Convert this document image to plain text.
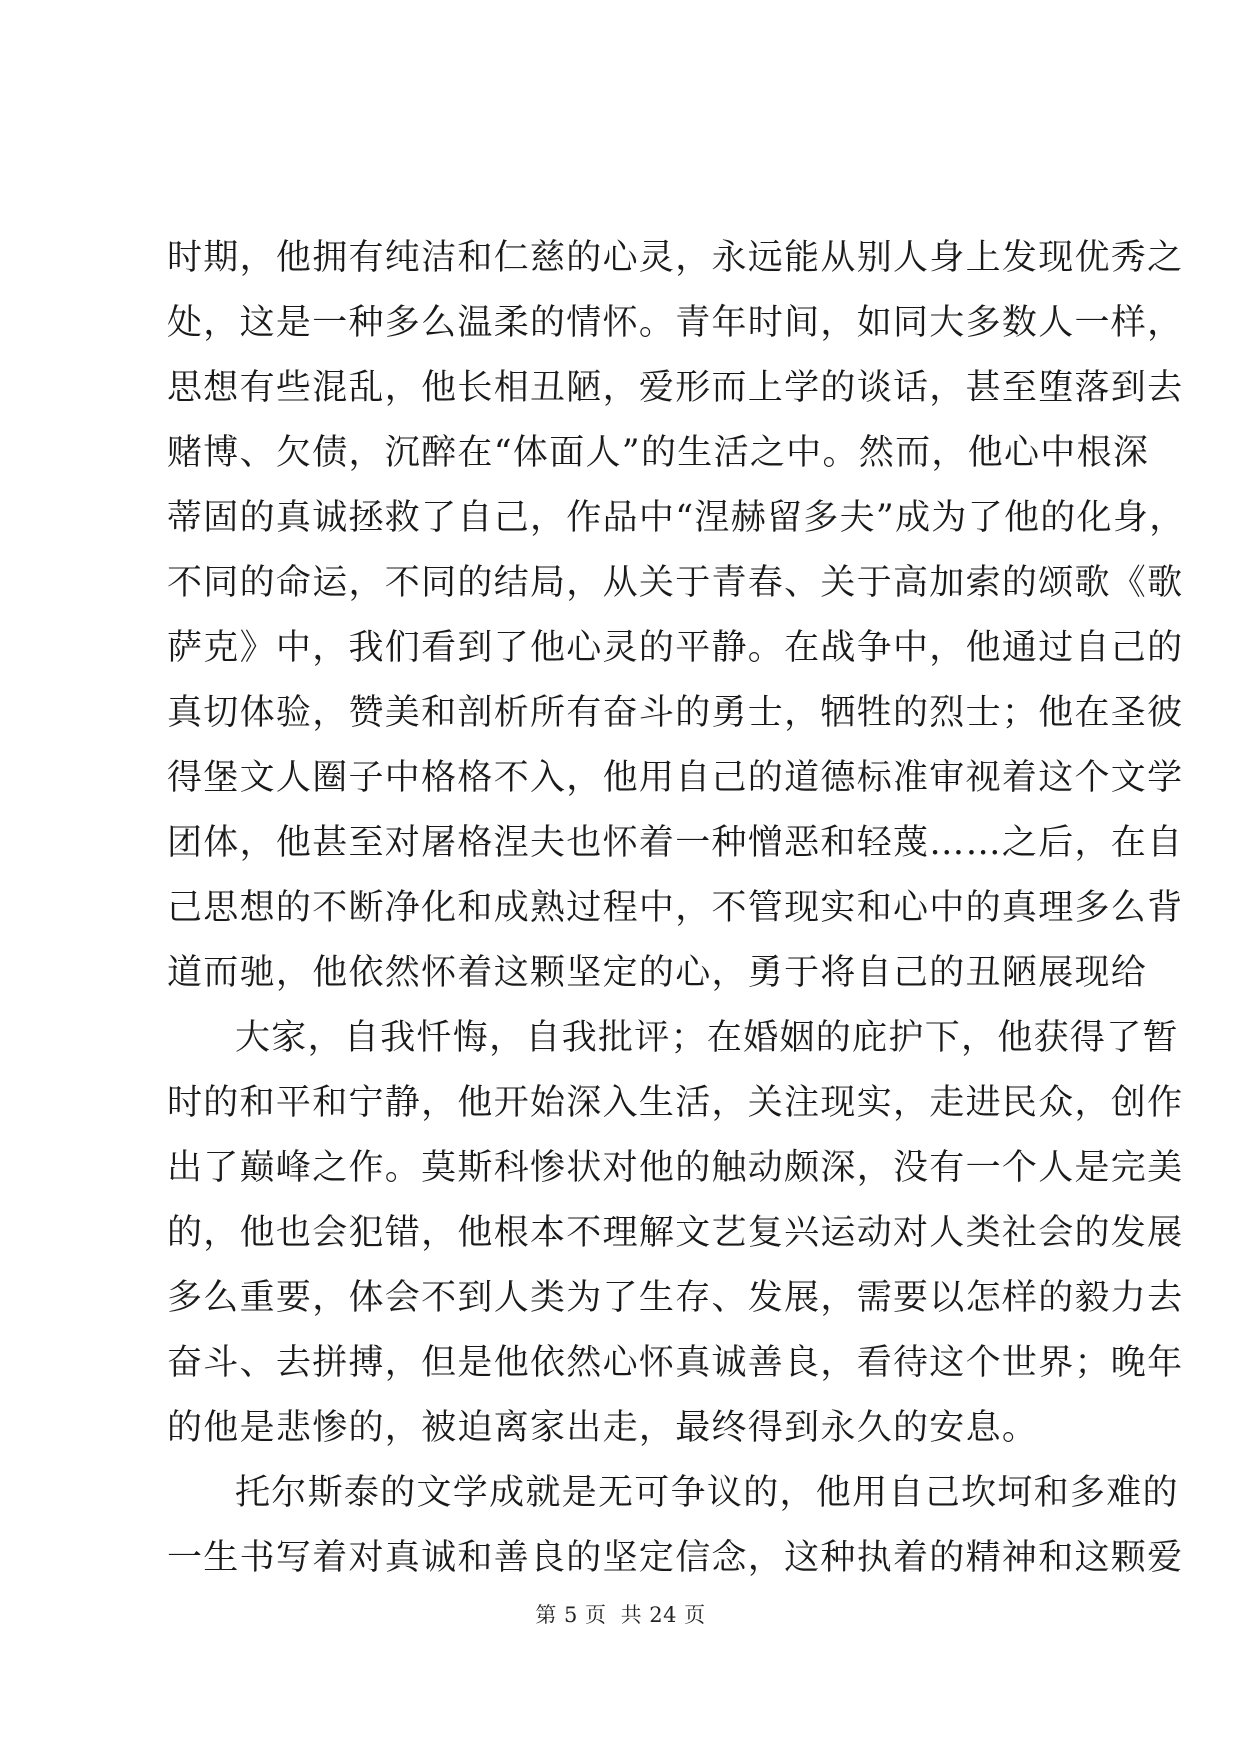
时期，他拥有纯洁和仁慈的心灵，永远能从别人身上发现优秀之
处，这是一种多么温柔的情怀。青年时间，如同大多数人一样，
思想有些混乱，他长相丑陋，爱形而上学的谈话，甚至堕落到去
赌博、欠债，沉醉在“体面人”的生活之中。然而，他心中根深
蒂固的真诚拯救了自己，作品中“涅赫留多夫”成为了他的化身，
不同的命运，不同的结局，从关于青春、关于高加索的颂歌《歌
萨克》中，我们看到了他心灵的平静。在战争中，他通过自己的
真切体验，赞美和剖析所有奋斗的勇士，牺牲的烈士；他在圣彼
得堡文人圈子中格格不入，他用自己的道德标准审视着这个文学
团体，他甚至对屠格涅夫也怀着一种憎恶和轻蔑……之后，在自
己思想的不断净化和成熟过程中，不管现实和心中的真理多么背
道而驰，他依然怀着这颗坚定的心，勇于将自己的丑陋展现给
大家，自我忏悔，自我批评；在婚姻的庇护下，他获得了暂
时的和平和宁静，他开始深入生活，关注现实，走进民众，创作
出了巅峰之作。莫斯科惨状对他的触动颇深，没有一个人是完美
的，他也会犯错，他根本不理解文艺复兴运动对人类社会的发展
多么重要，体会不到人类为了生存、发展，需要以怎样的毅力去
奋斗、去拼搏，但是他依然心怀真诚善良，看待这个世界；晚年
的他是悲惨的，被迫离家出走，最终得到永久的安息。
托尔斯泰的文学成就是无可争议的，他用自己坎坷和多难的
一生书写着对真诚和善良的坚定信念，这种执着的精神和这颗爱
第 5 页 共 24 页
